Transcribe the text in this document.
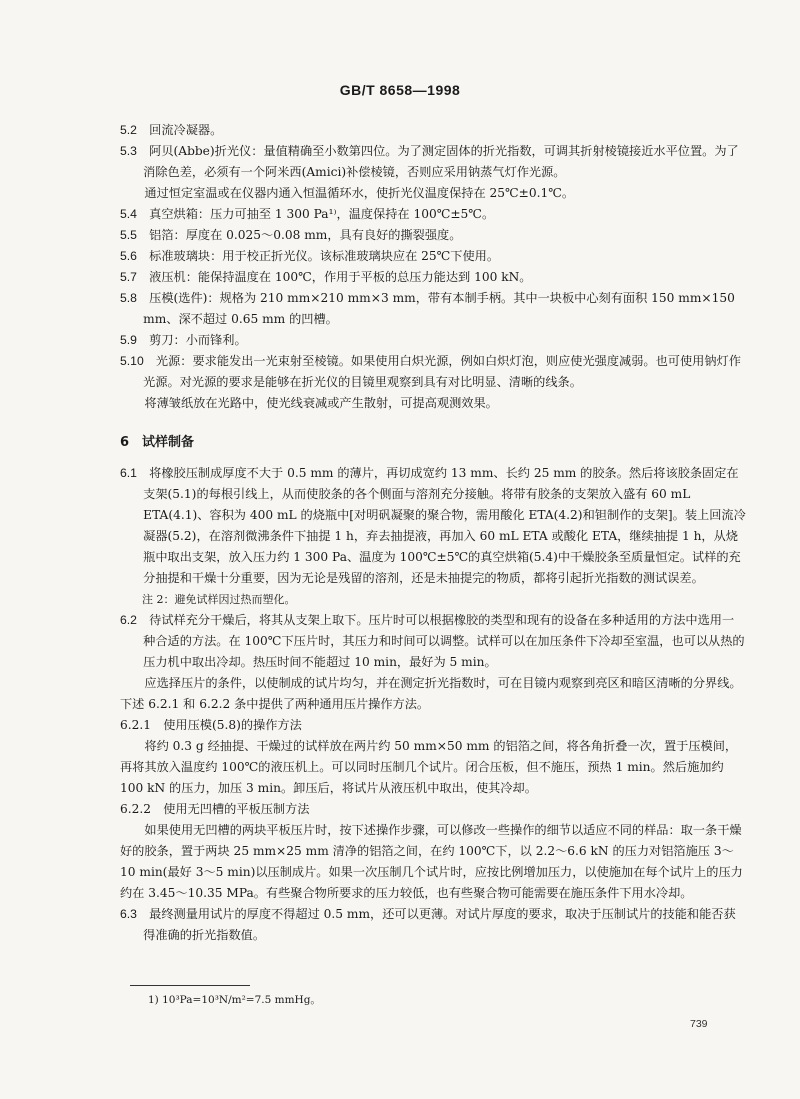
GB/T 8658—1998

5.2　 回流冷凝器。

5.3　 阿贝(Abbe)折光仪：量值精确至小数第四位。为了测定固体的折光指数，可调其折射棱镜接近水平位置。为了消除色差，必须有一个阿米西(Amici)补偿棱镜，否则应采用钠蒸气灯作光源。

通过恒定室温或在仪器内通入恒温循环水，使折光仪温度保持在 25℃±0.1℃。

5.4　 真空烘箱：压力可抽至 1 300 Pa¹⁾，温度保持在 100℃±5℃。

5.5　 铝箔：厚度在 0.025～0.08 mm，具有良好的撕裂强度。

5.6　 标准玻璃块：用于校正折光仪。该标准玻璃块应在 25℃下使用。

5.7　 液压机：能保持温度在 100℃，作用于平板的总压力能达到 100 kN。

5.8　 压模(选件)：规格为 210 mm×210 mm×3 mm，带有本制手柄。其中一块板中心刻有面积 150 mm×150 mm、深不超过 0.65 mm 的凹槽。

5.9　 剪刀：小而锋利。

5.10　 光源：要求能发出一光束射至棱镜。如果使用白炽光源，例如白炽灯泡，则应使光强度减弱。也可使用钠灯作光源。对光源的要求是能够在折光仪的目镜里观察到具有对比明显、清晰的线条。

将薄皱纸放在光路中，使光线衰减或产生散射，可提高观测效果。

6　试样制备

6.1　 将橡胶压制成厚度不大于 0.5 mm 的薄片，再切成宽约 13 mm、长约 25 mm 的胶条。然后将该胶条固定在支架(5.1)的每根引线上，从而使胶条的各个侧面与溶剂充分接触。将带有胶条的支架放入盛有 60 mL ETA(4.1)、容积为 400 mL 的烧瓶中[对明矾凝聚的聚合物，需用酸化 ETA(4.2)和钽制作的支架]。装上回流冷凝器(5.2)，在溶剂微沸条件下抽提 1 h，弃去抽提液，再加入 60 mL ETA 或酸化 ETA，继续抽提 1 h，从烧瓶中取出支架，放入压力约 1 300 Pa、温度为 100℃±5℃的真空烘箱(5.4)中干燥胶条至质量恒定。试样的充分抽提和干燥十分重要，因为无论是残留的溶剂，还是未抽提完的物质，都将引起折光指数的测试误差。

注 2：避免试样因过热而塑化。

6.2　 待试样充分干燥后，将其从支架上取下。压片时可以根据橡胶的类型和现有的设备在多种适用的方法中选用一种合适的方法。在 100℃下压片时，其压力和时间可以调整。试样可以在加压条件下冷却至室温，也可以从热的压力机中取出冷却。热压时间不能超过 10 min，最好为 5 min。

应选择压片的条件，以使制成的试片均匀，并在测定折光指数时，可在目镜内观察到亮区和暗区清晰的分界线。下述 6.2.1 和 6.2.2 条中提供了两种通用压片操作方法。

6.2.1　使用压模(5.8)的操作方法

将约 0.3 g 经抽提、干燥过的试样放在两片约 50 mm×50 mm 的铝箔之间，将各角折叠一次，置于压模间，再将其放入温度约 100℃的液压机上。可以同时压制几个试片。闭合压板，但不施压，预热 1 min。然后施加约 100 kN 的压力，加压 3 min。卸压后，将试片从液压机中取出，使其冷却。

6.2.2　使用无凹槽的平板压制方法

如果使用无凹槽的两块平板压片时，按下述操作步骤，可以修改一些操作的细节以适应不同的样品：取一条干燥好的胶条，置于两块 25 mm×25 mm 清净的铝箔之间，在约 100℃下，以 2.2～6.6 kN 的压力对铝箔施压 3～10 min(最好 3～5 min)以压制成片。如果一次压制几个试片时，应按比例增加压力，以使施加在每个试片上的压力约在 3.45～10.35 MPa。有些聚合物所要求的压力较低，也有些聚合物可能需要在施压条件下用水冷却。

6.3　 最终测量用试片的厚度不得超过 0.5 mm，还可以更薄。对试片厚度的要求，取决于压制试片的技能和能否获得准确的折光指数值。

1) 10³Pa=10³N/m²=7.5 mmHg。
739
